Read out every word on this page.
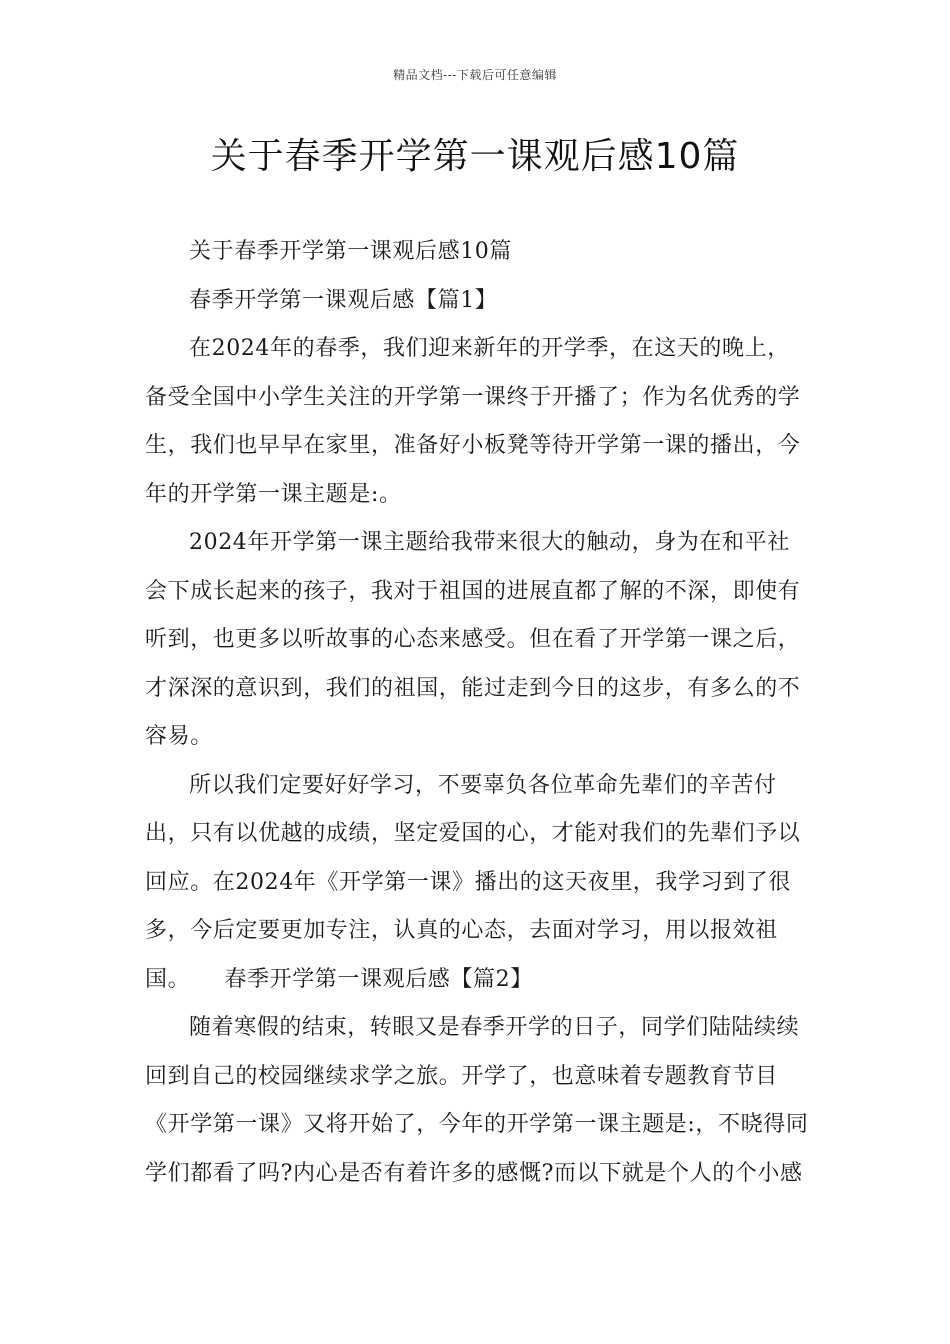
精品文档---下载后可任意编辑
关于春季开学第一课观后感10篇

关于春季开学第一课观后感10篇

春季开学第一课观后感【篇1】

在2024年的春季，我们迎来新年的开学季，在这天的晚上，备受全国中小学生关注的开学第一课终于开播了；作为名优秀的学生，我们也早早在家里，准备好小板凳等待开学第一课的播出，今年的开学第一课主题是:。

2024年开学第一课主题给我带来很大的触动，身为在和平社会下成长起来的孩子，我对于祖国的进展直都了解的不深，即使有听到，也更多以听故事的心态来感受。但在看了开学第一课之后，才深深的意识到，我们的祖国，能过走到今日的这步，有多么的不容易。

所以我们定要好好学习，不要辜负各位革命先辈们的辛苦付出，只有以优越的成绩，坚定爱国的心，才能对我们的先辈们予以回应。在2024年《开学第一课》播出的这天夜里，我学习到了很多，今后定要更加专注，认真的心态，去面对学习，用以报效祖国。　　春季开学第一课观后感【篇2】

随着寒假的结束，转眼又是春季开学的日子，同学们陆陆续续回到自己的校园继续求学之旅。开学了，也意味着专题教育节目《开学第一课》又将开始了，今年的开学第一课主题是:，不晓得同学们都看了吗?内心是否有着许多的感慨?而以下就是个人的个小感
